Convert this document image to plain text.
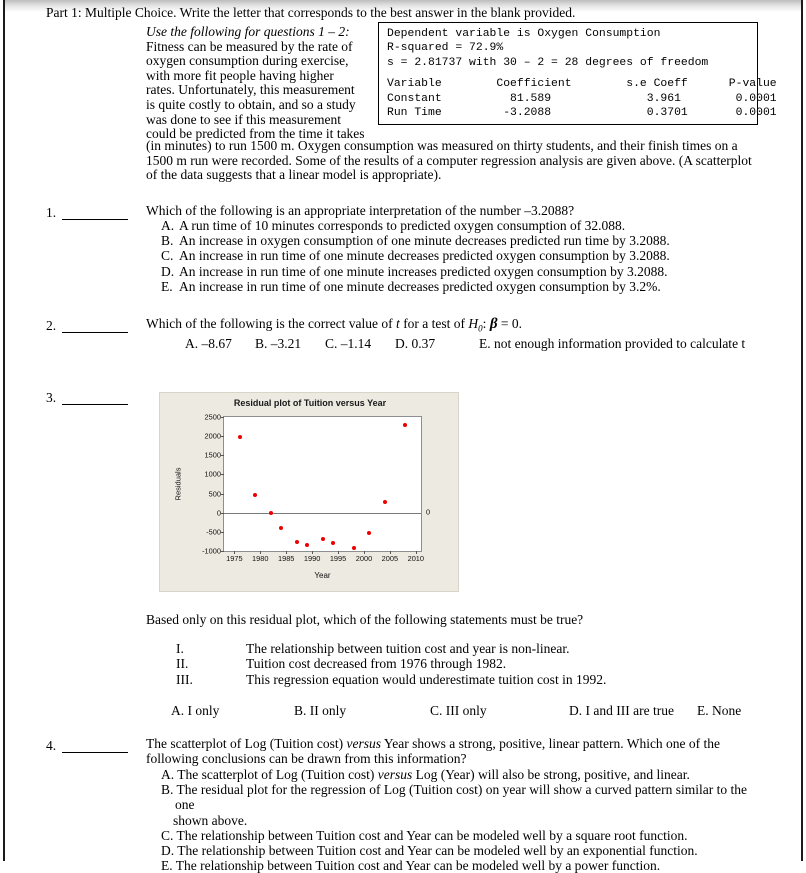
Part 1: Multiple Choice. Write the letter that corresponds to the best answer in the blank provided.
Use the following for questions 1 – 2:
Fitness can be measured by the rate of
oxygen consumption during exercise,
with more fit people having higher
rates. Unfortunately, this measurement
is quite costly to obtain, and so a study
was done to see if this measurement
could be predicted from the time it takes
(in minutes) to run 1500 m. Oxygen consumption was measured on thirty students, and their finish times on a
1500 m run were recorded. Some of the results of a computer regression analysis are given above. (A scatterplot
of the data suggests that a linear model is appropriate).
Dependent variable is Oxygen Consumption
R-squared = 72.9%
s = 2.81737 with 30 – 2 = 28 degrees of freedom
Variable        Coefficient        s.e Coeff      P-value
Constant          81.589              3.961        0.0001
Run Time         -3.2088              0.3701       0.0001
1.	Which of the following is an appropriate interpretation of the number –3.2088?
A. A run time of 10 minutes corresponds to predicted oxygen consumption of 32.088.
B. An increase in oxygen consumption of one minute decreases predicted run time by 3.2088.
C. An increase in run time of one minute decreases predicted oxygen consumption by 3.2088.
D. An increase in run time of one minute increases predicted oxygen consumption by 3.2088.
E. An increase in run time of one minute decreases predicted oxygen consumption by 3.2%.
2.	Which of the following is the correct value of t for a test of $H_0$: β = 0.
A. –8.67 B. –3.21 C. –1.14 D. 0.37	E. not enough information provided to calculate t
3.	Residual plot of Tuition versus Year
-1000
-500
0
500
1000
1500
2000
2500
1975 1980 1985 1990 1995 2000 2005 2010
Year
Residuals
0
Based only on this residual plot, which of the following statements must be true?
I.	The relationship between tuition cost and year is non-linear.
II.	Tuition cost decreased from 1976 through 1982.
III.	This regression equation would underestimate tuition cost in 1992.
A. I only	B. II only	C. III only	D. I and III are true E. None
4.	The scatterplot of Log (Tuition cost) versus Year shows a strong, positive, linear pattern. Which one of the
following conclusions can be drawn from this information?
A. The scatterplot of Log (Tuition cost) versus Log (Year) will also be strong, positive, and linear.
B. The residual plot for the regression of Log (Tuition cost) on year will show a curved pattern similar to the one
shown above.
C. The relationship between Tuition cost and Year can be modeled well by a square root function.
D. The relationship between Tuition cost and Year can be modeled well by an exponential function.
E. The relationship between Tuition cost and Year can be modeled well by a power function.
